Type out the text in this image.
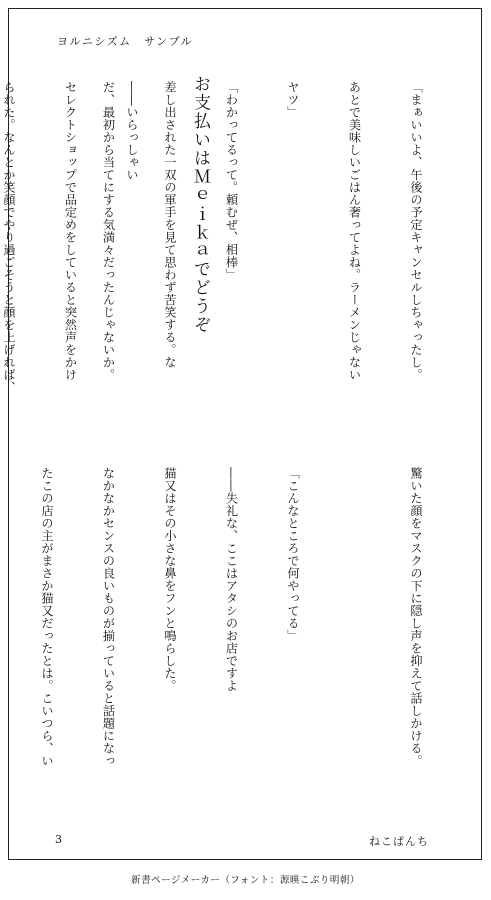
ヨルニシズム　サンプル

「まぁいいよ、午後の予定キャンセルしちゃったし。

あとで美味しいごはん奢ってよね。ラーメンじゃない

ヤツ」

「わかってるって。頼むぜ、相棒」

差し出された一双の軍手を見て思わず苦笑する。な

だ、最初から当てにする気満々だったんじゃないか。

	お支払いはＭｅｉｋａでどうぞ

――いらっしゃい

セレクトショップで品定めをしていると突然声をかけ

られた。なんとか笑顔でやり過ごそうと顔を上げれば、

驚いた顔をマスクの下に隠し声を抑えて話しかける。

「こんなところで何やってる」

――失礼な、ここはアタシのお店ですよ

猫又はその小さな鼻をフンと鳴らした。

なかなかセンスの良いものが揃っていると話題になっ

たこの店の主がまさか猫又だったとは。こいつら、い

3	ねこぱんち
新書ページメーカー（フォント：源暎こぶり明朝）
